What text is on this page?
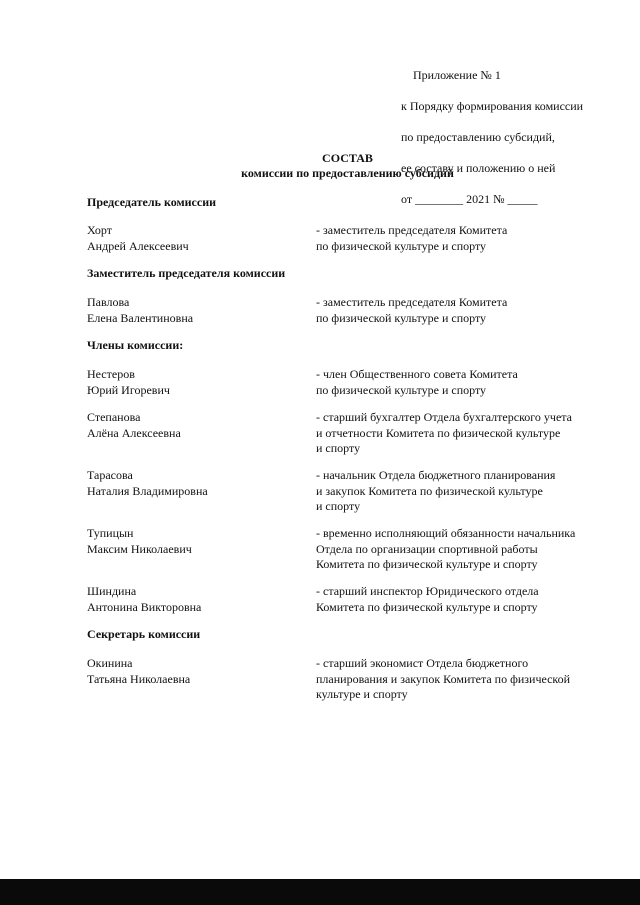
Приложение № 1

к Порядку формирования комиссии

по предоставлению субсидий,

ее составу и положению о ней

от ________ 2021 № _____

СОСТАВ
комиссии по предоставлению субсидий
Председатель комиссии
Хорт
Андрей Алексеевич
- заместитель председателя Комитета
по физической культуре и спорту
Заместитель председателя комиссии
Павлова
Елена Валентиновна
- заместитель председателя Комитета
по физической культуре и спорту
Члены комиссии:
Нестеров
Юрий Игоревич
- член Общественного совета Комитета
по физической культуре и спорту
Степанова
Алёна Алексеевна
- старший бухгалтер Отдела бухгалтерского учета
и отчетности Комитета по физической культуре
и спорту
Тарасова
Наталия Владимировна
- начальник Отдела бюджетного планирования
и закупок Комитета по физической культуре
и спорту
Тупицын
Максим Николаевич
- временно исполняющий обязанности начальника
Отдела по организации спортивной работы
Комитета по физической культуре и спорту
Шиндина
Антонина Викторовна
- старший инспектор Юридического отдела
Комитета по физической культуре и спорту
Секретарь комиссии
Окинина
Татьяна Николаевна
- старший экономист Отдела бюджетного
планирования и закупок Комитета по физической
культуре и спорту
